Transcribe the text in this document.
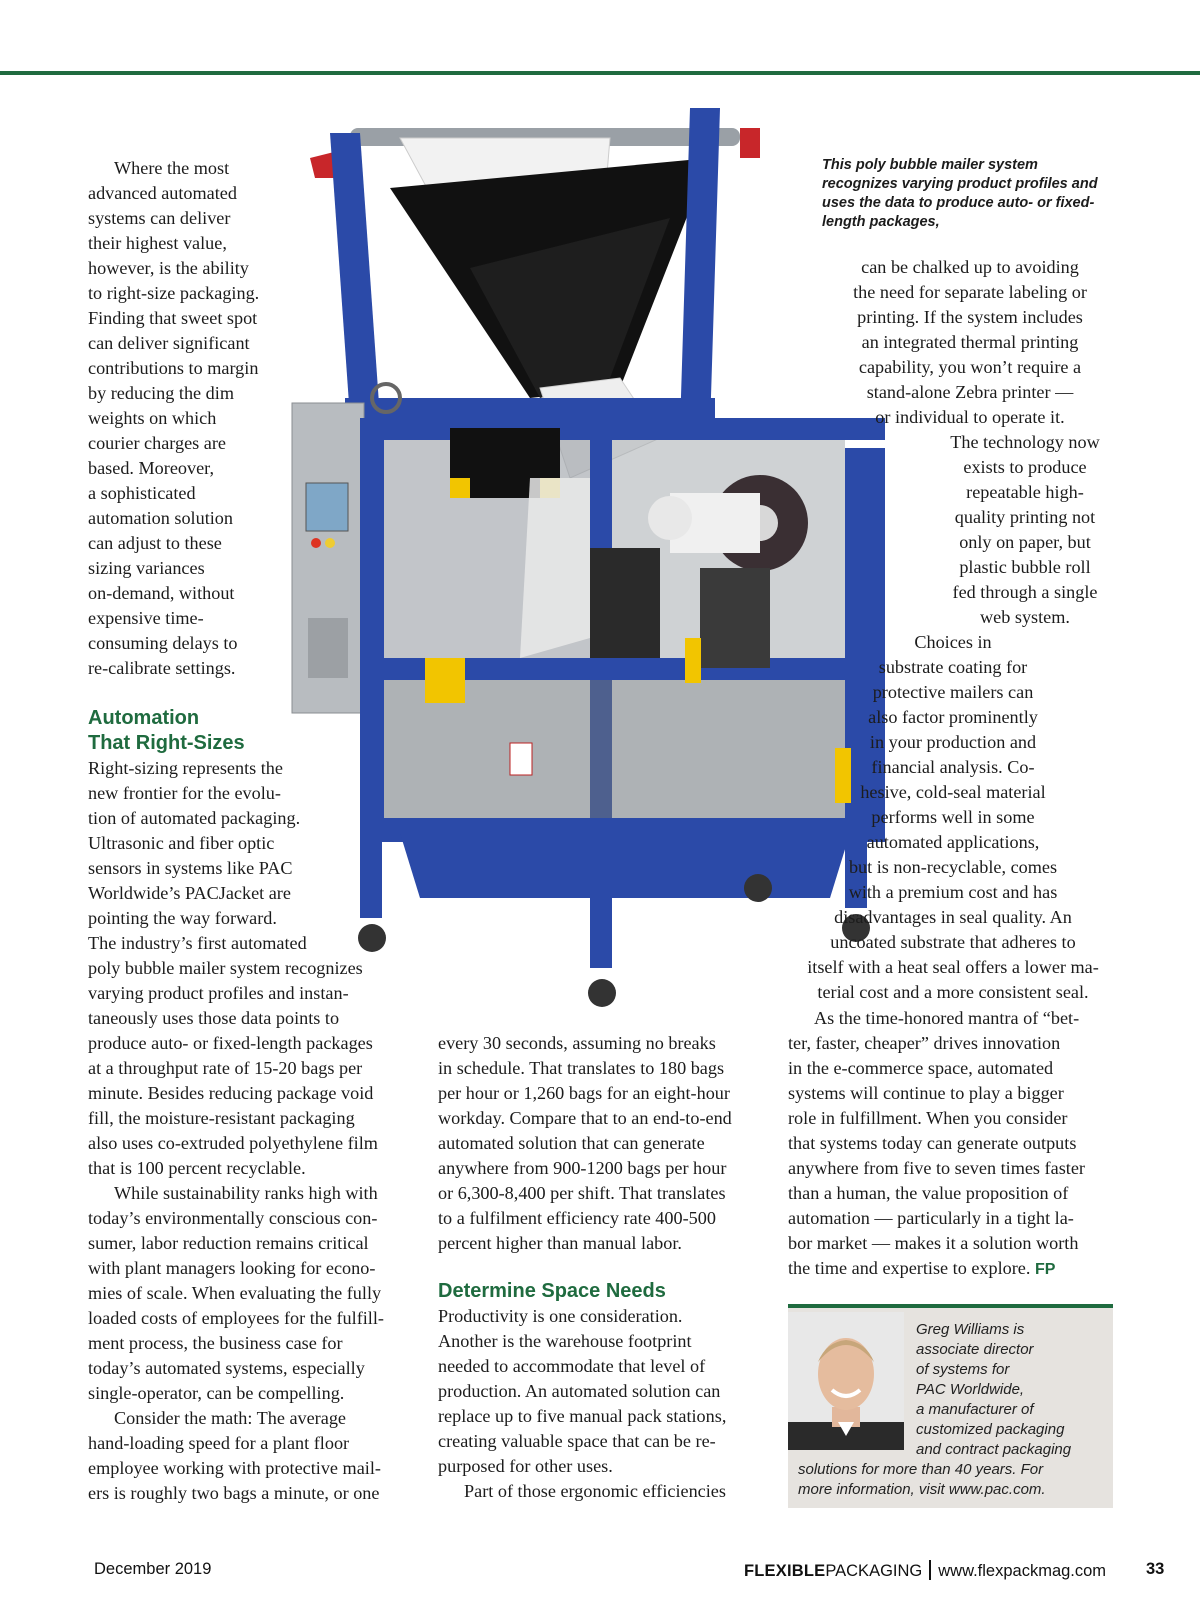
This poly bubble mailer system
recognizes varying product profiles and
uses the data to produce auto- or fixed-
length packages,

Where the most
advanced automated
systems can deliver
their highest value,
however, is the ability
to right-size packaging.
Finding that sweet spot
can deliver significant
contributions to margin
by reducing the dim
weights on which
courier charges are
based. Moreover,
a sophisticated
automation solution
can adjust to these
sizing variances
on-demand, without
expensive time-
consuming delays to
re-calibrate settings.

Automation
That Right-Sizes

Right-sizing represents the
new frontier for the evolu-
tion of automated packaging.
Ultrasonic and fiber optic
sensors in systems like PAC
Worldwide’s PACJacket are
pointing the way forward.
The industry’s first automated
poly bubble mailer system recognizes
varying product profiles and instan-
taneously uses those data points to
produce auto- or fixed-length packages
at a throughput rate of 15-20 bags per
minute. Besides reducing package void
fill, the moisture-resistant packaging
also uses co-extruded polyethylene film
that is 100 percent recyclable.

While sustainability ranks high with
today’s environmentally conscious con-
sumer, labor reduction remains critical
with plant managers looking for econo-
mies of scale. When evaluating the fully
loaded costs of employees for the fulfill-
ment process, the business case for
today’s automated systems, especially
single-operator, can be compelling.

Consider the math: The average
hand-loading speed for a plant floor
employee working with protective mail-
ers is roughly two bags a minute, or one

every 30 seconds, assuming no breaks
in schedule. That translates to 180 bags
per hour or 1,260 bags for an eight-hour
workday. Compare that to an end-to-end
automated solution that can generate
anywhere from 900-1200 bags per hour
or 6,300-8,400 per shift. That translates
to a fulfilment efficiency rate 400-500
percent higher than manual labor.

Determine Space Needs

Productivity is one consideration.
Another is the warehouse footprint
needed to accommodate that level of
production. An automated solution can
replace up to five manual pack stations,
creating valuable space that can be re-
purposed for other uses.

Part of those ergonomic efficiencies

can be chalked up to avoiding
the need for separate labeling or
printing. If the system includes
an integrated thermal printing
capability, you won’t require a
stand-alone Zebra printer —
or individual to operate it.

The technology now
exists to produce
repeatable high-
quality printing not
only on paper, but
plastic bubble roll
fed through a single
web system.

Choices in
substrate coating for
protective mailers can
also factor prominently
in your production and
financial analysis. Co-
hesive, cold-seal material
performs well in some
automated applications,
but is non-recyclable, comes
with a premium cost and has
disadvantages in seal quality. An
uncoated substrate that adheres to
itself with a heat seal offers a lower ma-
terial cost and a more consistent seal.

As the time-honored mantra of “bet-
ter, faster, cheaper” drives innovation
in the e-commerce space, automated
systems will continue to play a bigger
role in fulfillment. When you consider
that systems today can generate outputs
anywhere from five to seven times faster
than a human, the value proposition of
automation — particularly in a tight la-
bor market — makes it a solution worth
the time and expertise to explore. FP

Greg Williams is
associate director
of systems for
PAC Worldwide,
a manufacturer of
customized packaging
and contract packaging
solutions for more than 40 years. For
more information, visit www.pac.com.
December 2019	FLEXIBLEPACKAGING www.flexpackmag.com 33
